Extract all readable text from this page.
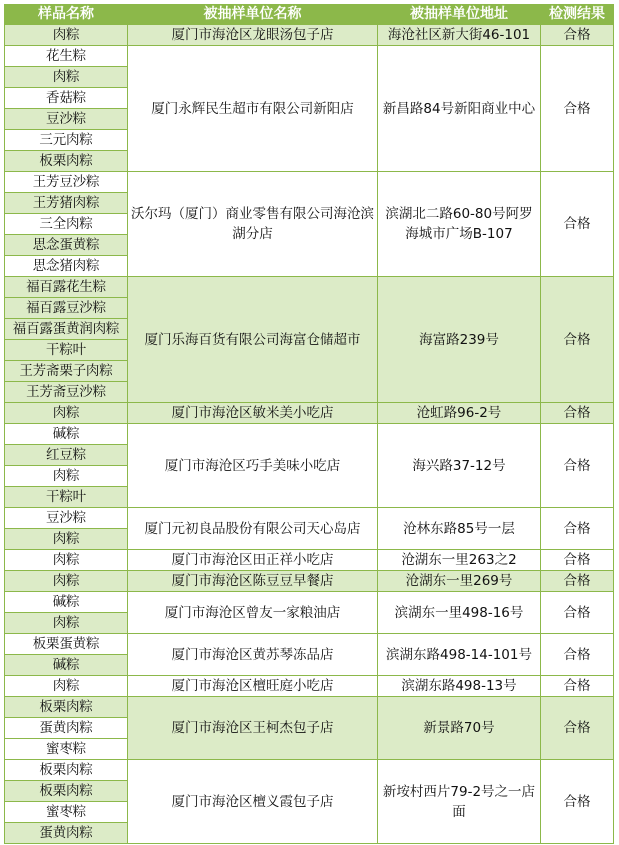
样品名称	被抽样单位名称	被抽样单位地址	检测结果
肉粽	厦门市海沧区龙眼汤包子店	海沧社区新大街46-101	合格
花生粽	厦门永辉民生超市有限公司新阳店	新昌路84号新阳商业中心	合格
肉粽			
香菇粽			
豆沙粽			
三元肉粽			
板栗肉粽			
王芳豆沙粽	沃尔玛（厦门）商业零售有限公司海沧滨湖分店	滨湖北二路60-80号阿罗海城市广场B-107	合格
王芳猪肉粽			
三全肉粽			
思念蛋黄粽			
思念猪肉粽			
福百露花生粽	厦门乐海百货有限公司海富仓储超市	海富路239号	合格
福百露豆沙粽			
福百露蛋黄润肉粽			
干粽叶			
王芳斋栗子肉粽			
王芳斋豆沙粽			
肉粽	厦门市海沧区敏米美小吃店	沧虹路96-2号	合格
碱粽	厦门市海沧区巧手美味小吃店	海兴路37-12号	合格
红豆粽			
肉粽			
干粽叶			
豆沙粽	厦门元初良品股份有限公司天心岛店	沧林东路85号一层	合格
肉粽			
肉粽	厦门市海沧区田正祥小吃店	沧湖东一里263之2	合格
肉粽	厦门市海沧区陈豆豆早餐店	沧湖东一里269号	合格
碱粽	厦门市海沧区曾友一家粮油店	滨湖东一里498-16号	合格
肉粽			
板栗蛋黄粽	厦门市海沧区黄苏琴冻品店	滨湖东路498-14-101号	合格
碱粽			
肉粽	厦门市海沧区檀旺庭小吃店	滨湖东路498-13号	合格
板栗肉粽	厦门市海沧区王柯杰包子店	新景路70号	合格
蛋黄肉粽			
蜜枣粽			
板栗肉粽	厦门市海沧区檀义霞包子店	新垵村西片79-2号之一店面	合格
板栗肉粽			
蜜枣粽			
蛋黄肉粽			
